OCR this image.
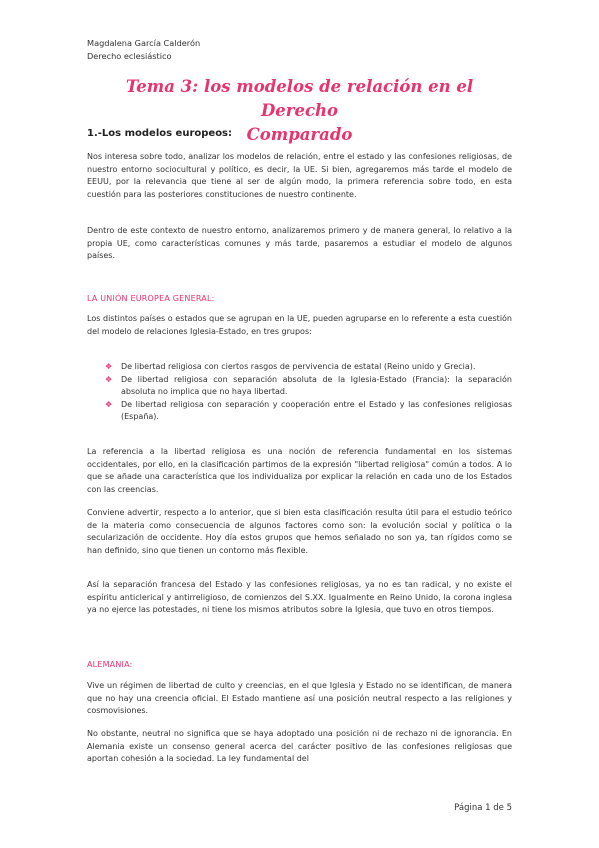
Magdalena García Calderón
Derecho eclesiástico
Tema 3: los modelos de relación en el Derecho
Comparado
1.-Los modelos europeos:
Nos interesa sobre todo, analizar los modelos de relación, entre el estado y las confesiones religiosas, de nuestro entorno sociocultural y político, es decir, la UE. Si bien, agregaremos más tarde el modelo de EEUU, por la relevancia que tiene al ser de algún modo, la primera referencia sobre todo, en esta cuestión para las posteriores constituciones de nuestro continente.
Dentro de este contexto de nuestro entorno, analizaremos primero y de manera general, lo relativo a la propia UE, como características comunes y más tarde, pasaremos a estudiar el modelo de algunos países.
LA UNIÓN EUROPEA GENERAL:
Los distintos países o estados que se agrupan en la UE, pueden agruparse en lo referente a esta cuestión del modelo de relaciones Iglesia-Estado, en tres grupos:
❖ De libertad religiosa con ciertos rasgos de pervivencia de estatal (Reino unido y Grecia).
❖ De libertad religiosa con separación absoluta de la Iglesia-Estado (Francia): la separación absoluta no implica que no haya libertad.
❖ De libertad religiosa con separación y cooperación entre el Estado y las confesiones religiosas (España).
La referencia a la libertad religiosa es una noción de referencia fundamental en los sistemas occidentales, por ello, en la clasificación partimos de la expresión "libertad religiosa" común a todos. A lo que se añade una característica que los individualiza por explicar la relación en cada uno de los Estados con las creencias.
Conviene advertir, respecto a lo anterior, que si bien esta clasificación resulta útil para el estudio teórico de la materia como consecuencia de algunos factores como son: la evolución social y política o la secularización de occidente. Hoy día estos grupos que hemos señalado no son ya, tan rígidos como se han definido, sino que tienen un contorno más flexible.
Así la separación francesa del Estado y las confesiones religiosas, ya no es tan radical, y no existe el espíritu anticlerical y antirreligioso, de comienzos del S.XX. Igualmente en Reino Unido, la corona inglesa ya no ejerce las potestades, ni tiene los mismos atributos sobre la Iglesia, que tuvo en otros tiempos.
ALEMANIA:
Vive un régimen de libertad de culto y creencias, en el que Iglesia y Estado no se identifican, de manera que no hay una creencia oficial. El Estado mantiene así una posición neutral respecto a las religiones y cosmovisiones.
No obstante, neutral no significa que se haya adoptado una posición ni de rechazo ni de ignorancia. En Alemania existe un consenso general acerca del carácter positivo de las confesiones religiosas que aportan cohesión a la sociedad. La ley fundamental del
Página 1 de 5
